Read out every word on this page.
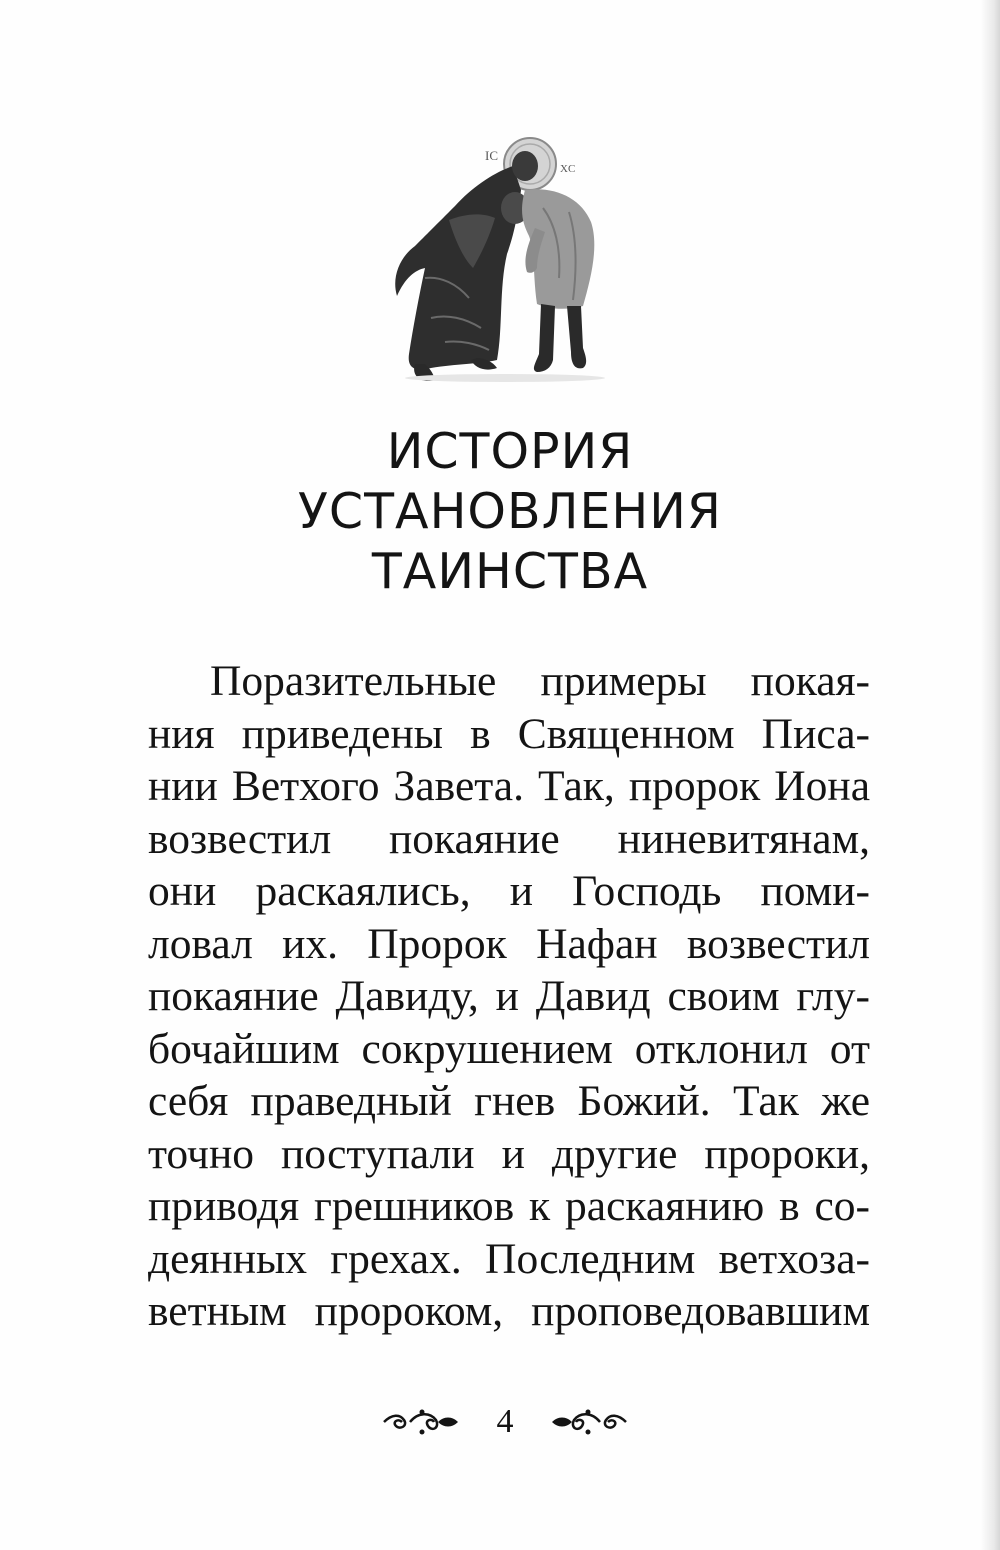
IC
XC
ИСТОРИЯ
УСТАНОВЛЕНИЯ
ТАИНСТВА
Поразительные примеры покая-
ния приведены в Священном Писа-
нии Ветхого Завета. Так, пророк Иона
возвестил покаяние ниневитянам,
они раскаялись, и Господь поми-
ловал их. Пророк Нафан возвестил
покаяние Давиду, и Давид своим глу-
бочайшим сокрушением отклонил от
себя праведный гнев Божий. Так же
точно поступали и другие пророки,
приводя грешников к раскаянию в со-
деянных грехах. Последним ветхоза-
ветным пророком, проповедовавшим
4
